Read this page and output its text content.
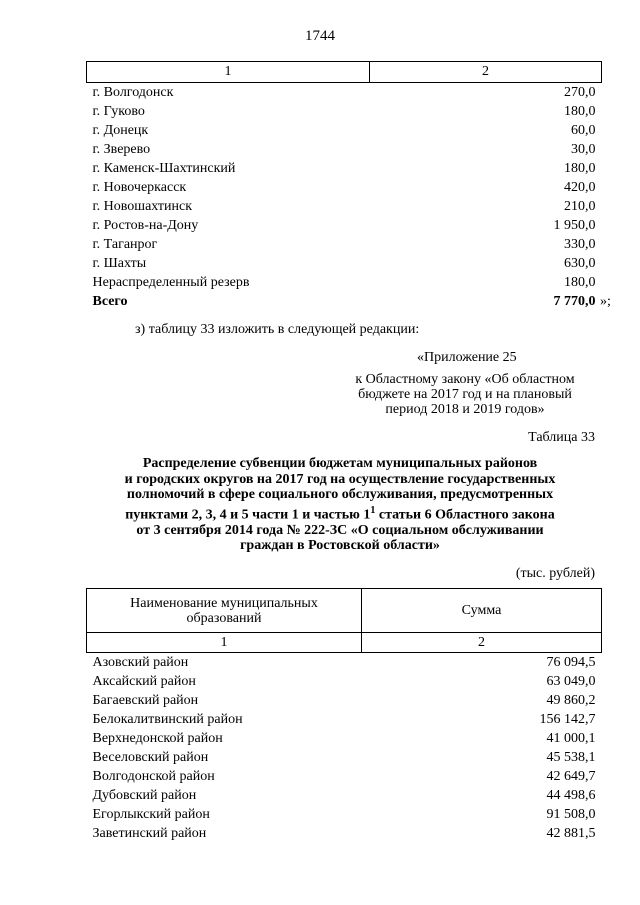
1744
1	2
г. Волгодонск	270,0
г. Гуково	180,0
г. Донецк	60,0
г. Зверево	30,0
г. Каменск-Шахтинский	180,0
г. Новочеркасск	420,0
г. Новошахтинск	210,0
г. Ростов-на-Дону	1 950,0
г. Таганрог	330,0
г. Шахты	630,0
Нераспределенный резерв	180,0
Всего	7 770,0 »;
з) таблицу 33 изложить в следующей редакции:
«Приложение 25
к Областному закону «Об областном
бюджете на 2017 год и на плановый
период 2018 и 2019 годов»
Таблица 33
Распределение субвенции бюджетам муниципальных районов
и городских округов на 2017 год на осуществление государственных
полномочий в сфере социального обслуживания, предусмотренных
пунктами 2, 3, 4 и 5 части 1 и частью $1^1$ статьи 6 Областного закона
от 3 сентября 2014 года № 222-ЗС «О социальном обслуживании
граждан в Ростовской области»
(тыс. рублей)
Наименование муниципальных
образований	Сумма
1	2
Азовский район	76 094,5
Аксайский район	63 049,0
Багаевский район	49 860,2
Белокалитвинский район	156 142,7
Верхнедонской район	41 000,1
Веселовский район	45 538,1
Волгодонской район	42 649,7
Дубовский район	44 498,6
Егорлыкский район	91 508,0
Заветинский район	42 881,5
